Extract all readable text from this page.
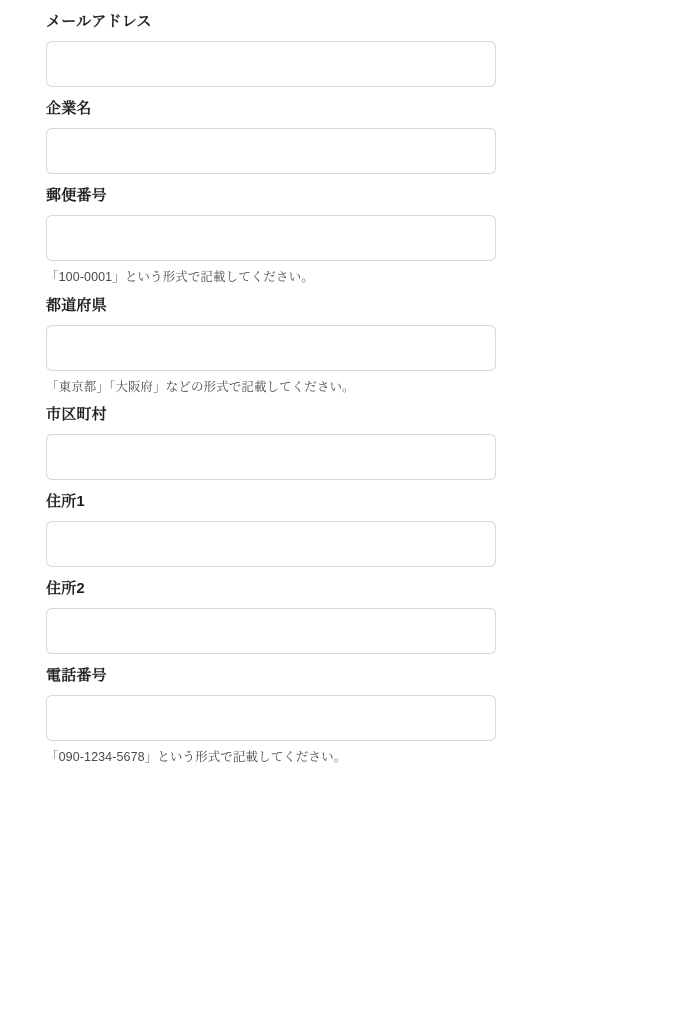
メールアドレス
企業名
郵便番号
「100-0001」という形式で記載してください。
都道府県
「東京都」「大阪府」などの形式で記載してください。
市区町村
住所1
住所2
電話番号
「090-1234-5678」という形式で記載してください。
